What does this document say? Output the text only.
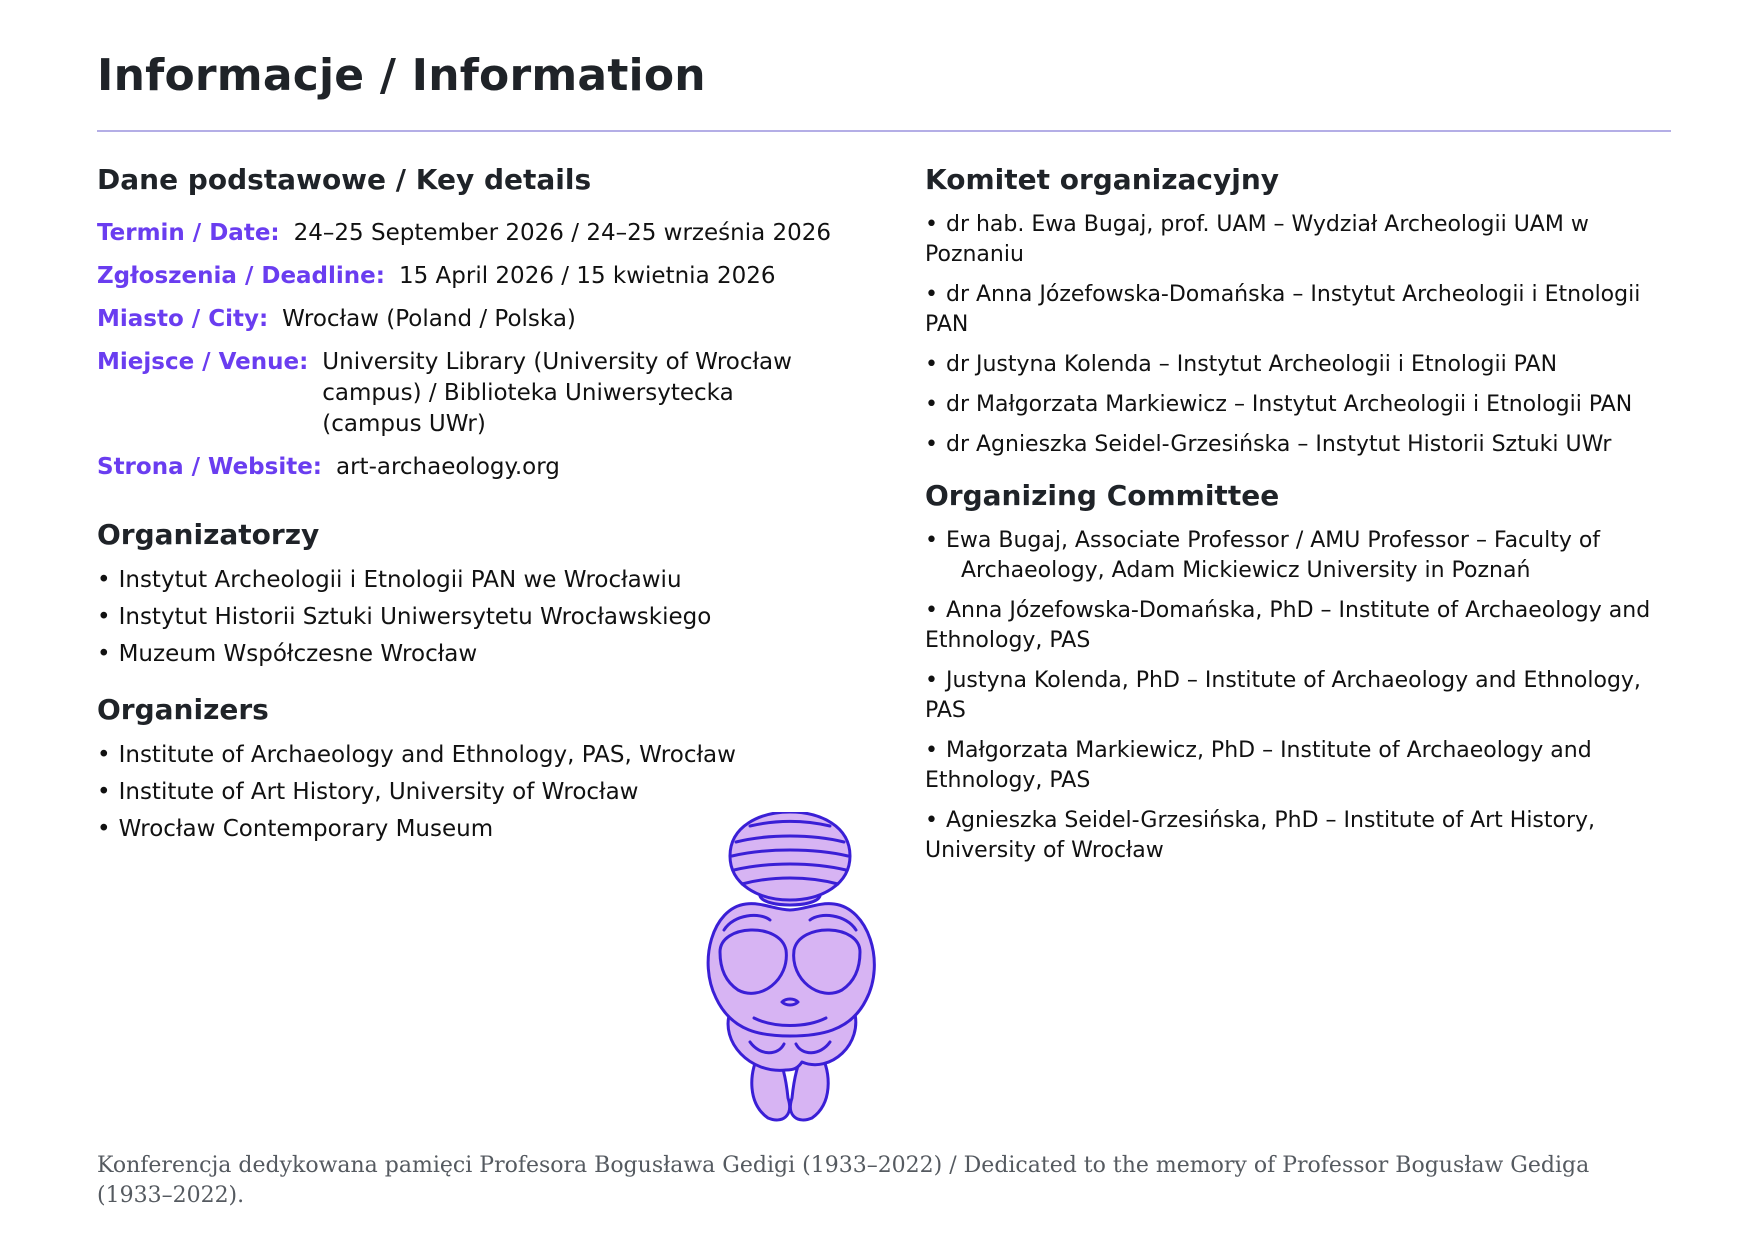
Informacje / Information
Dane podstawowe / Key details

Termin / Date: 24–25 September 2026 / 24–25 września 2026

Zgłoszenia / Deadline: 15 April 2026 / 15 kwietnia 2026

Miasto / City: Wrocław (Poland / Polska)

Miejsce / Venue: University Library (University of Wrocław campus) / Biblioteka Uniwersytecka (campus UWr)

Strona / Website: art-archaeology.org

Organizatorzy
• Instytut Archeologii i Etnologii PAN we Wrocławiu
• Instytut Historii Sztuki Uniwersytetu Wrocławskiego
• Muzeum Współczesne Wrocław
Organizers
• Institute of Archaeology and Ethnology, PAS, Wrocław
• Institute of Art History, University of Wrocław
• Wrocław Contemporary Museum
Komitet organizacyjny
• dr hab. Ewa Bugaj, prof. UAM – Wydział Archeologii UAM w Poznaniu
• dr Anna Józefowska-Domańska – Instytut Archeologii i Etnologii PAN
• dr Justyna Kolenda – Instytut Archeologii i Etnologii PAN
• dr Małgorzata Markiewicz – Instytut Archeologii i Etnologii PAN
• dr Agnieszka Seidel-Grzesińska – Instytut Historii Sztuki UWr
Organizing Committee
• Ewa Bugaj, Associate Professor / AMU Professor – Faculty of
Archaeology, Adam Mickiewicz University in Poznań
• Anna Józefowska-Domańska, PhD – Institute of Archaeology and Ethnology, PAS
• Justyna Kolenda, PhD – Institute of Archaeology and Ethnology, PAS
• Małgorzata Markiewicz, PhD – Institute of Archaeology and Ethnology, PAS
• Agnieszka Seidel-Grzesińska, PhD – Institute of Art History, University of Wrocław
Konferencja dedykowana pamięci Profesora Bogusława Gedigi (1933–2022) / Dedicated to the memory of Professor Bogusław Gediga (1933–2022).
